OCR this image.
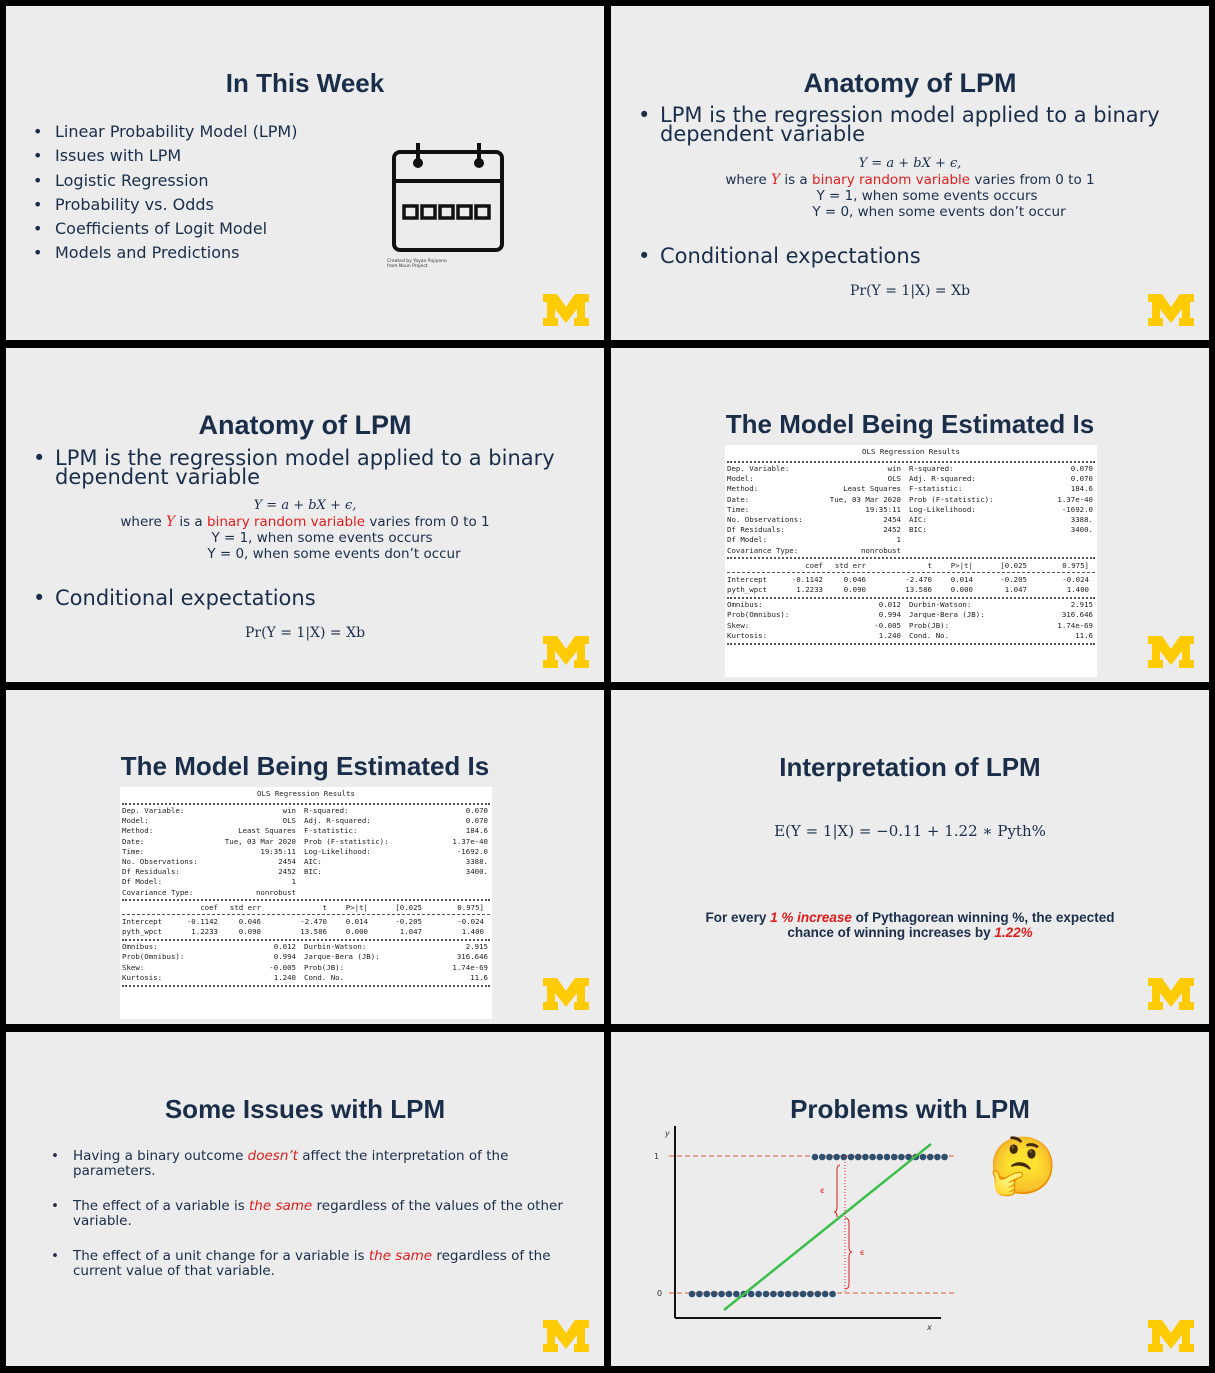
In This Week
• Linear Probability Model (LPM)
• Issues with LPM
• Logistic Regression
• Probability vs. Odds
• Coefficients of Logit Model
• Models and Predictions	Created by Yayan Pujiyono
from Noun Project
Anatomy of LPM
• LPM is the regression model applied to a binary
dependent variable
Y = a + bX + ϵ,
where Y is a binary random variable varies from 0 to 1
Y = 1, when some events occurs
Y = 0, when some events don’t occur
• Conditional expectations
Pr(Y = 1|X) = Xb
Anatomy of LPM
• LPM is the regression model applied to a binary
dependent variable
Y = a + bX + ϵ,
where Y is a binary random variable varies from 0 to 1
Y = 1, when some events occurs
Y = 0, when some events don’t occur
• Conditional expectations
Pr(Y = 1|X) = Xb
The Model Being Estimated Is
OLS Regression Results
Dep. Variable:	win R-squared:	0.070
Model:	OLS Adj. R-squared:	0.070
Method:	Least Squares F-statistic:	184.6
Date:	Tue, 03 Mar 2020 Prob (F-statistic):	1.37e-40
Time:	19:35:11 Log-Likelihood:	-1692.0
No. Observations:	2454 AIC:	3388.
Df Residuals:	2452 BIC:	3400.
Df Model:	1
Covariance Type:	nonrobust
coef std err	t	P>|t|	[0.025	0.975]
Intercept	-0.1142	0.046	-2.470	0.014	-0.205	-0.024
pyth_wpct	1.2233	0.090	13.586	0.000	1.047	1.400
Omnibus:	0.012 Durbin-Watson:	2.915
Prob(Omnibus):	0.994 Jarque-Bera (JB):	316.646
Skew:	-0.005 Prob(JB):	1.74e-69
Kurtosis:	1.240 Cond. No.	11.6
The Model Being Estimated Is
OLS Regression Results
Dep. Variable:	win R-squared:	0.070
Model:	OLS Adj. R-squared:	0.070
Method:	Least Squares F-statistic:	184.6
Date:	Tue, 03 Mar 2020 Prob (F-statistic):	1.37e-40
Time:	19:35:11 Log-Likelihood:	-1692.0
No. Observations:	2454 AIC:	3388.
Df Residuals:	2452 BIC:	3400.
Df Model:	1
Covariance Type:	nonrobust
coef std err	t	P>|t|	[0.025	0.975]
Intercept	-0.1142	0.046	-2.470	0.014	-0.205	-0.024
pyth_wpct	1.2233	0.090	13.586	0.000	1.047	1.400
Omnibus:	0.012 Durbin-Watson:	2.915
Prob(Omnibus):	0.994 Jarque-Bera (JB):	316.646
Skew:	-0.005 Prob(JB):	1.74e-69
Kurtosis:	1.240 Cond. No.	11.6
Interpretation of LPM
E(Y = 1|X) = −0.11 + 1.22 ∗ Pyth%
For every 1 % increase of Pythagorean winning %, the expected
chance of winning increases by 1.22%
Some Issues with LPM
• Having a binary outcome doesn’t affect the interpretation of the
parameters.
• The effect of a variable is the same regardless of the values of the other
variable.
• The effect of a unit change for a variable is the same regardless of the
current value of that variable.
Problems with LPM
y
x
1
0
ϵ
ϵ
🤔
